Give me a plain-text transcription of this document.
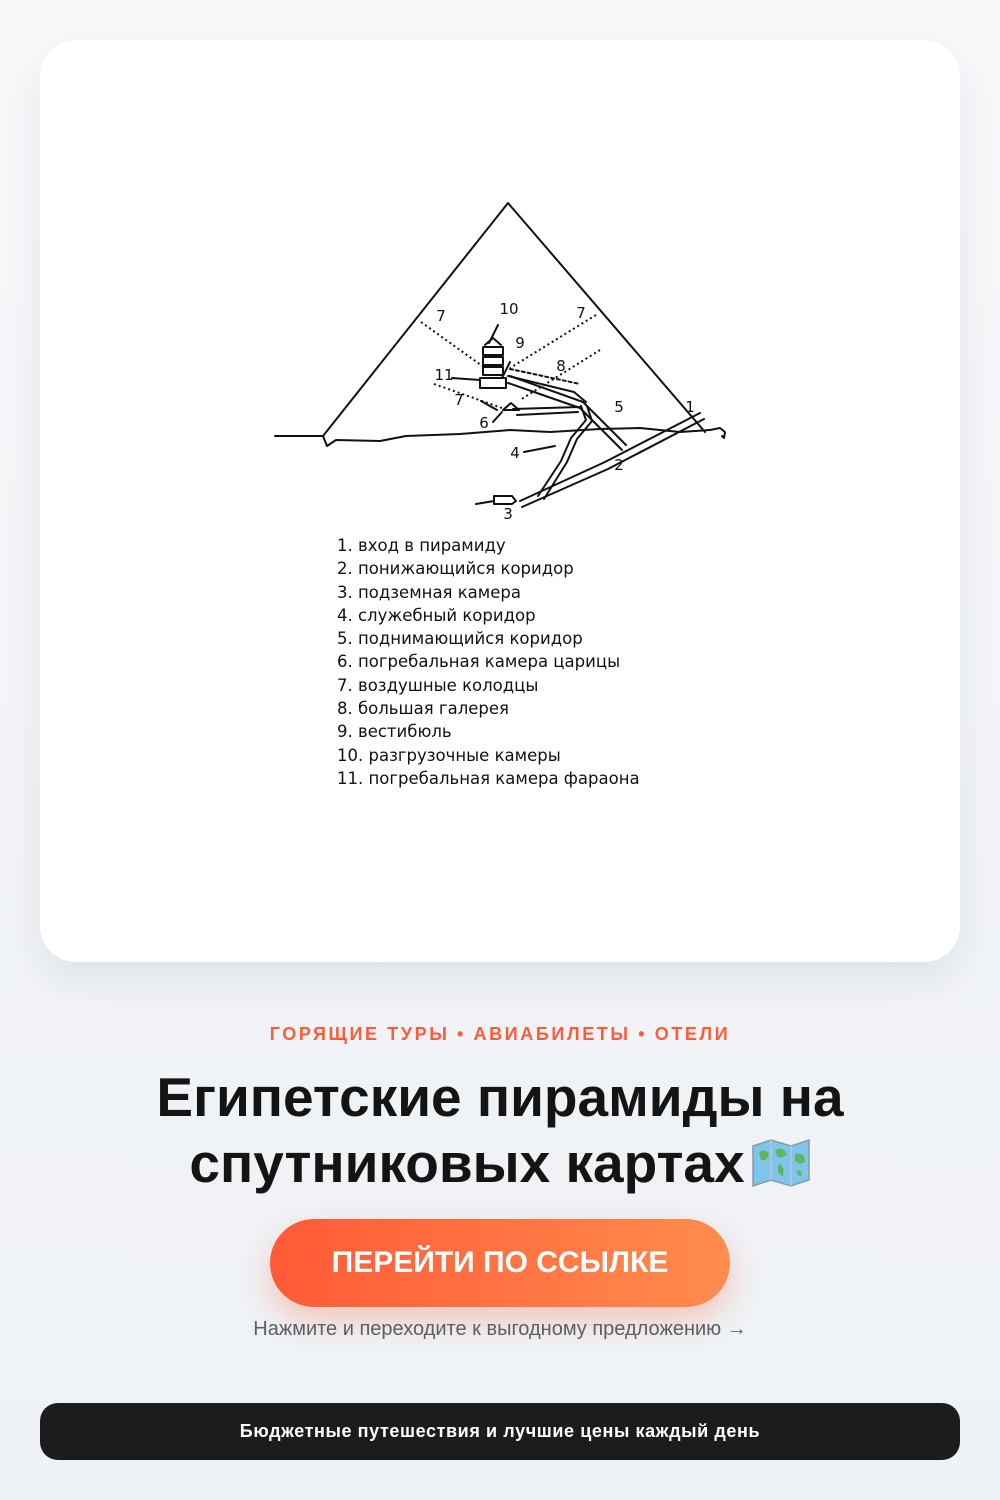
1
2
3
4
5
6
7	7
7
8
9
10
11
1. вход в пирамиду
2. понижающийся коридор
3. подземная камера
4. служебный коридор
5. поднимающийся коридор
6. погребальная камера царицы
7. воздушные колодцы
8. большая галерея
9. вестибюль
10. разгрузочные камеры
11. погребальная камера фараона
ГОРЯЩИЕ ТУРЫ • АВИАБИЛЕТЫ • ОТЕЛИ
Египетские пирамиды на
спутниковых картах
ПЕРЕЙТИ ПО ССЫЛКЕ
Нажмите и переходите к выгодному предложению →
Бюджетные путешествия и лучшие цены каждый день
